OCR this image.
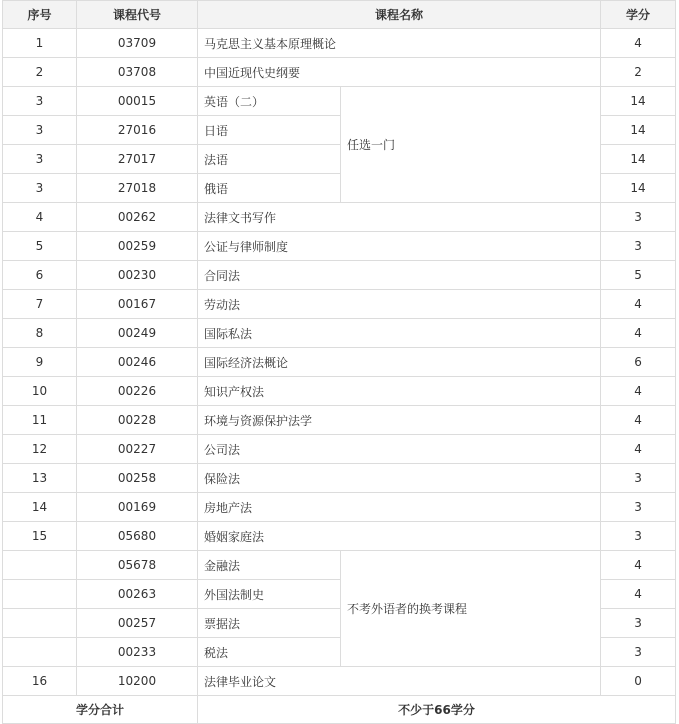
序号	课程代号	课程名称		学分
1	03709	马克思主义基本原理概论		4
2	03708	中国近现代史纲要		2
3	00015	英语（二）	任选一门	14
3	27016	日语		14
3	27017	法语		14
3	27018	俄语		14
4	00262	法律文书写作		3
5	00259	公证与律师制度		3
6	00230	合同法		5
7	00167	劳动法		4
8	00249	国际私法		4
9	00246	国际经济法概论		6
10	00226	知识产权法		4
11	00228	环境与资源保护法学		4
12	00227	公司法		4
13	00258	保险法		3
14	00169	房地产法		3
15	05680	婚姻家庭法		3
	05678	金融法	不考外语者的换考课程	4
	00263	外国法制史		4
	00257	票据法		3
	00233	税法		3
16	10200	法律毕业论文		0
学分合计		不少于66学分		
